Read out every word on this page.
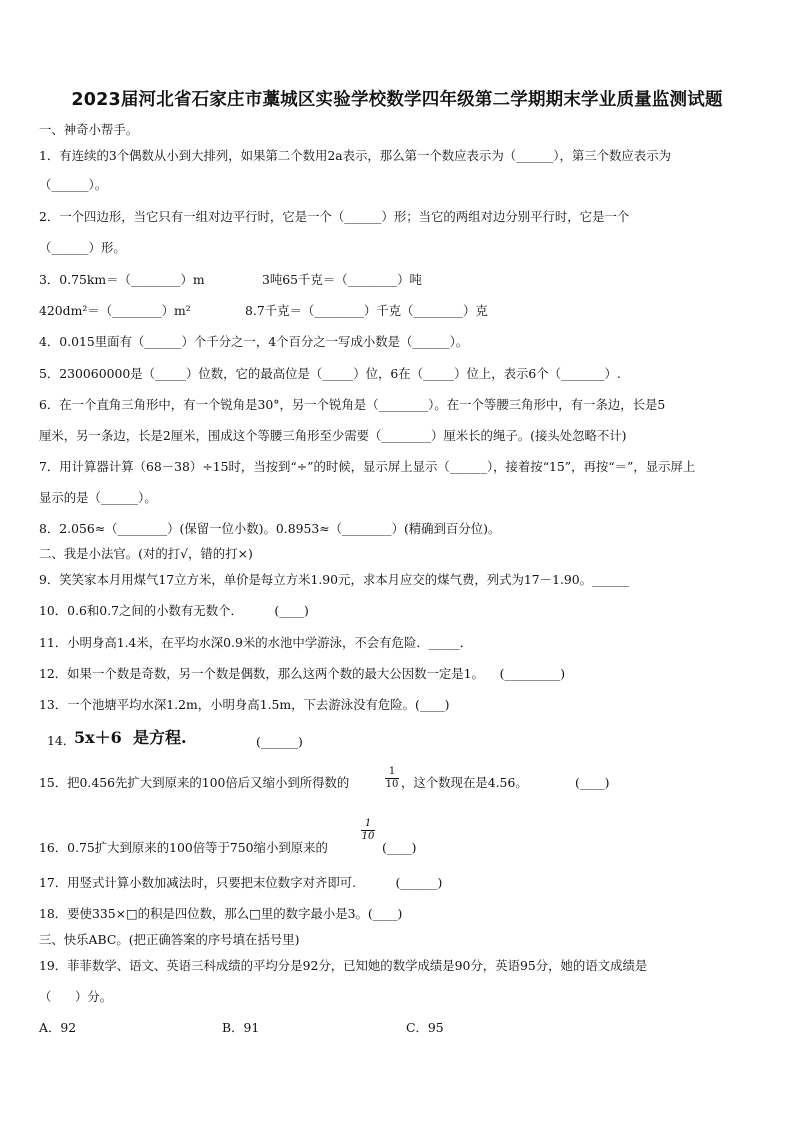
2023届河北省石家庄市藁城区实验学校数学四年级第二学期期末学业质量监测试题
一、神奇小帮手。
1．有连续的3个偶数从小到大排列，如果第二个数用2a表示，那么第一个数应表示为（______），第三个数应表示为
（______）。
2．一个四边形，当它只有一组对边平行时，它是一个（______）形；当它的两组对边分别平行时，它是一个
（______）形。
3．0.75km＝（________）m	3吨65千克＝（________）吨
420dm²＝（________）m²	8.7千克＝（________）千克（________）克
4．0.015里面有（______）个千分之一，4个百分之一写成小数是（______）。
5．230060000是（_____）位数，它的最高位是（_____）位，6在（_____）位上，表示6个（_______）.
6．在一个直角三角形中，有一个锐角是30°，另一个锐角是（________）。在一个等腰三角形中，有一条边，长是5
厘米，另一条边，长是2厘米，围成这个等腰三角形至少需要（________）厘米长的绳子。(接头处忽略不计)
7．用计算器计算（68－38）÷15时，当按到“÷”的时候，显示屏上显示（______），接着按“15”，再按“＝”，显示屏上
显示的是（______）。
8．2.056≈（________）(保留一位小数)。0.8953≈（________）(精确到百分位)。
二、我是小法官。(对的打√，错的打×)
9．笑笑家本月用煤气17立方米，单价是每立方米1.90元，求本月应交的煤气费，列式为17－1.90。______
10．0.6和0.7之间的小数有无数个．        (____)
11．小明身高1.4米，在平均水深0.9米的水池中学游泳，不会有危险．_____．
12．如果一个数是奇数，另一个数是偶数，那么这两个数的最大公因数一定是1。    (_________)
13．一个池塘平均水深1.2m，小明身高1.5m，下去游泳没有危险。(____)
14．
5x＋6  是方程.	(______)
15．把0.456先扩大到原来的100倍后又缩小到所得数的
1
10 ，这个数现在是4.56。	(____)
16．0.75扩大到原来的100倍等于750缩小到原来的
1
10
(____)
17．用竖式计算小数加减法时，只要把末位数字对齐即可.          (______)
18．要使335×□的积是四位数，那么□里的数字最小是3。(____)
三、快乐ABC。(把正确答案的序号填在括号里)
19．菲菲数学、语文、英语三科成绩的平均分是92分，已知她的数学成绩是90分，英语95分，她的语文成绩是
（      ）分。
A．92	B．91	C．95
